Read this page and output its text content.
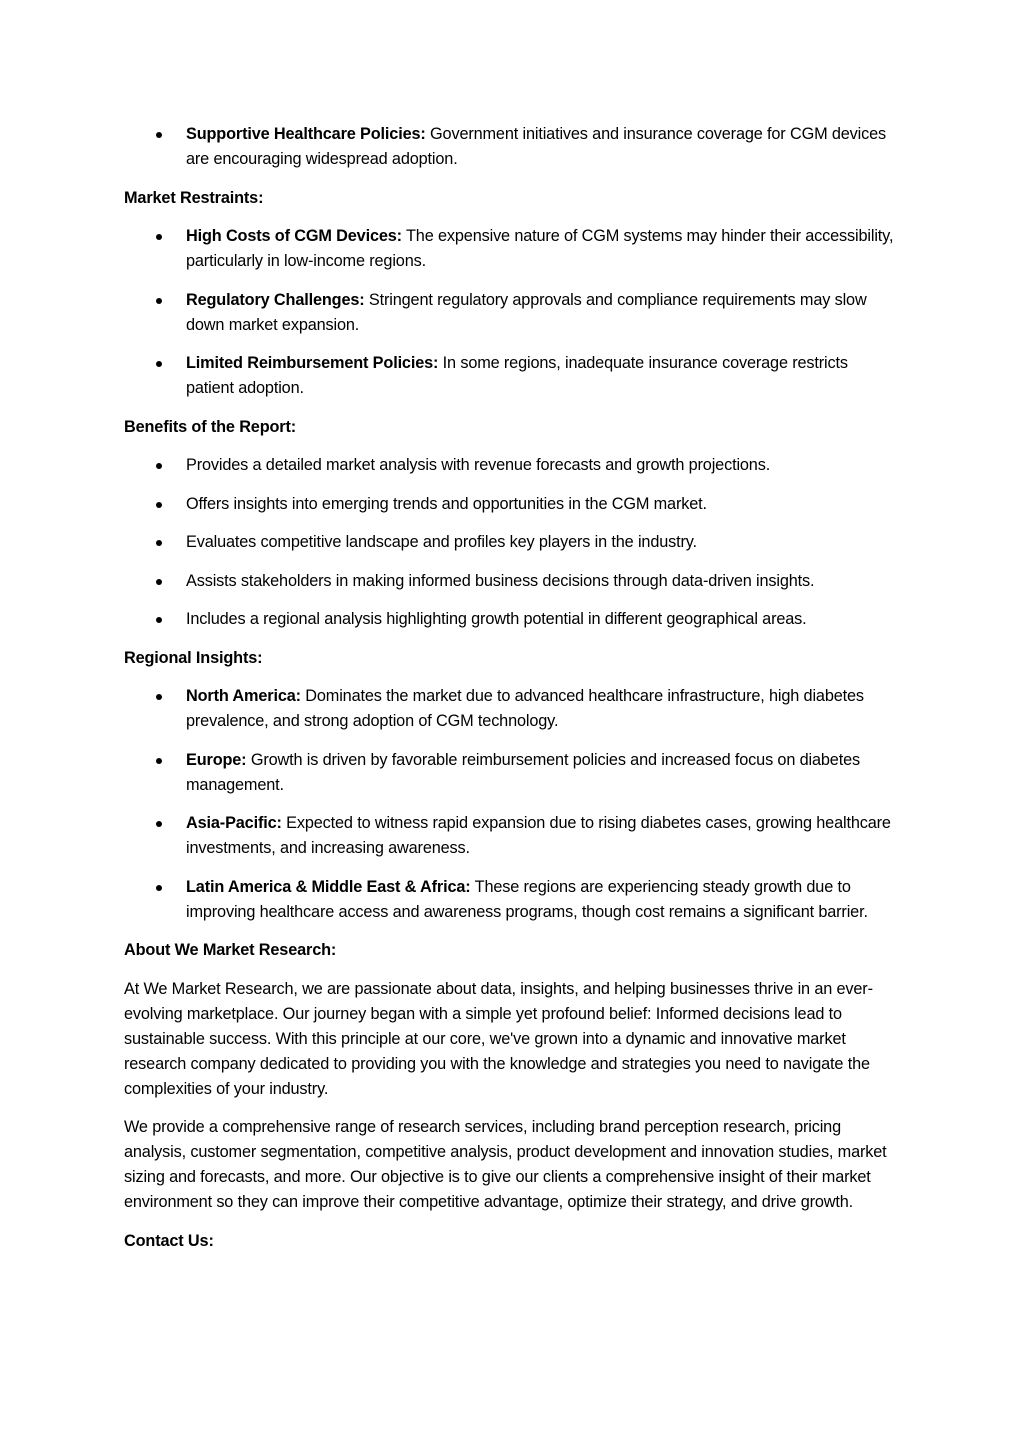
Supportive Healthcare Policies: Government initiatives and insurance coverage for CGM devices are encouraging widespread adoption.
Market Restraints:
High Costs of CGM Devices: The expensive nature of CGM systems may hinder their accessibility, particularly in low-income regions.
Regulatory Challenges: Stringent regulatory approvals and compliance requirements may slow down market expansion.
Limited Reimbursement Policies: In some regions, inadequate insurance coverage restricts patient adoption.
Benefits of the Report:
Provides a detailed market analysis with revenue forecasts and growth projections.
Offers insights into emerging trends and opportunities in the CGM market.
Evaluates competitive landscape and profiles key players in the industry.
Assists stakeholders in making informed business decisions through data-driven insights.
Includes a regional analysis highlighting growth potential in different geographical areas.
Regional Insights:
North America: Dominates the market due to advanced healthcare infrastructure, high diabetes prevalence, and strong adoption of CGM technology.
Europe: Growth is driven by favorable reimbursement policies and increased focus on diabetes management.
Asia-Pacific: Expected to witness rapid expansion due to rising diabetes cases, growing healthcare investments, and increasing awareness.
Latin America & Middle East & Africa: These regions are experiencing steady growth due to improving healthcare access and awareness programs, though cost remains a significant barrier.
About We Market Research:

At We Market Research, we are passionate about data, insights, and helping businesses thrive in an ever-evolving marketplace. Our journey began with a simple yet profound belief: Informed decisions lead to sustainable success. With this principle at our core, we've grown into a dynamic and innovative market research company dedicated to providing you with the knowledge and strategies you need to navigate the complexities of your industry.

We provide a comprehensive range of research services, including brand perception research, pricing analysis, customer segmentation, competitive analysis, product development and innovation studies, market sizing and forecasts, and more. Our objective is to give our clients a comprehensive insight of their market environment so they can improve their competitive advantage, optimize their strategy, and drive growth.

Contact Us:
